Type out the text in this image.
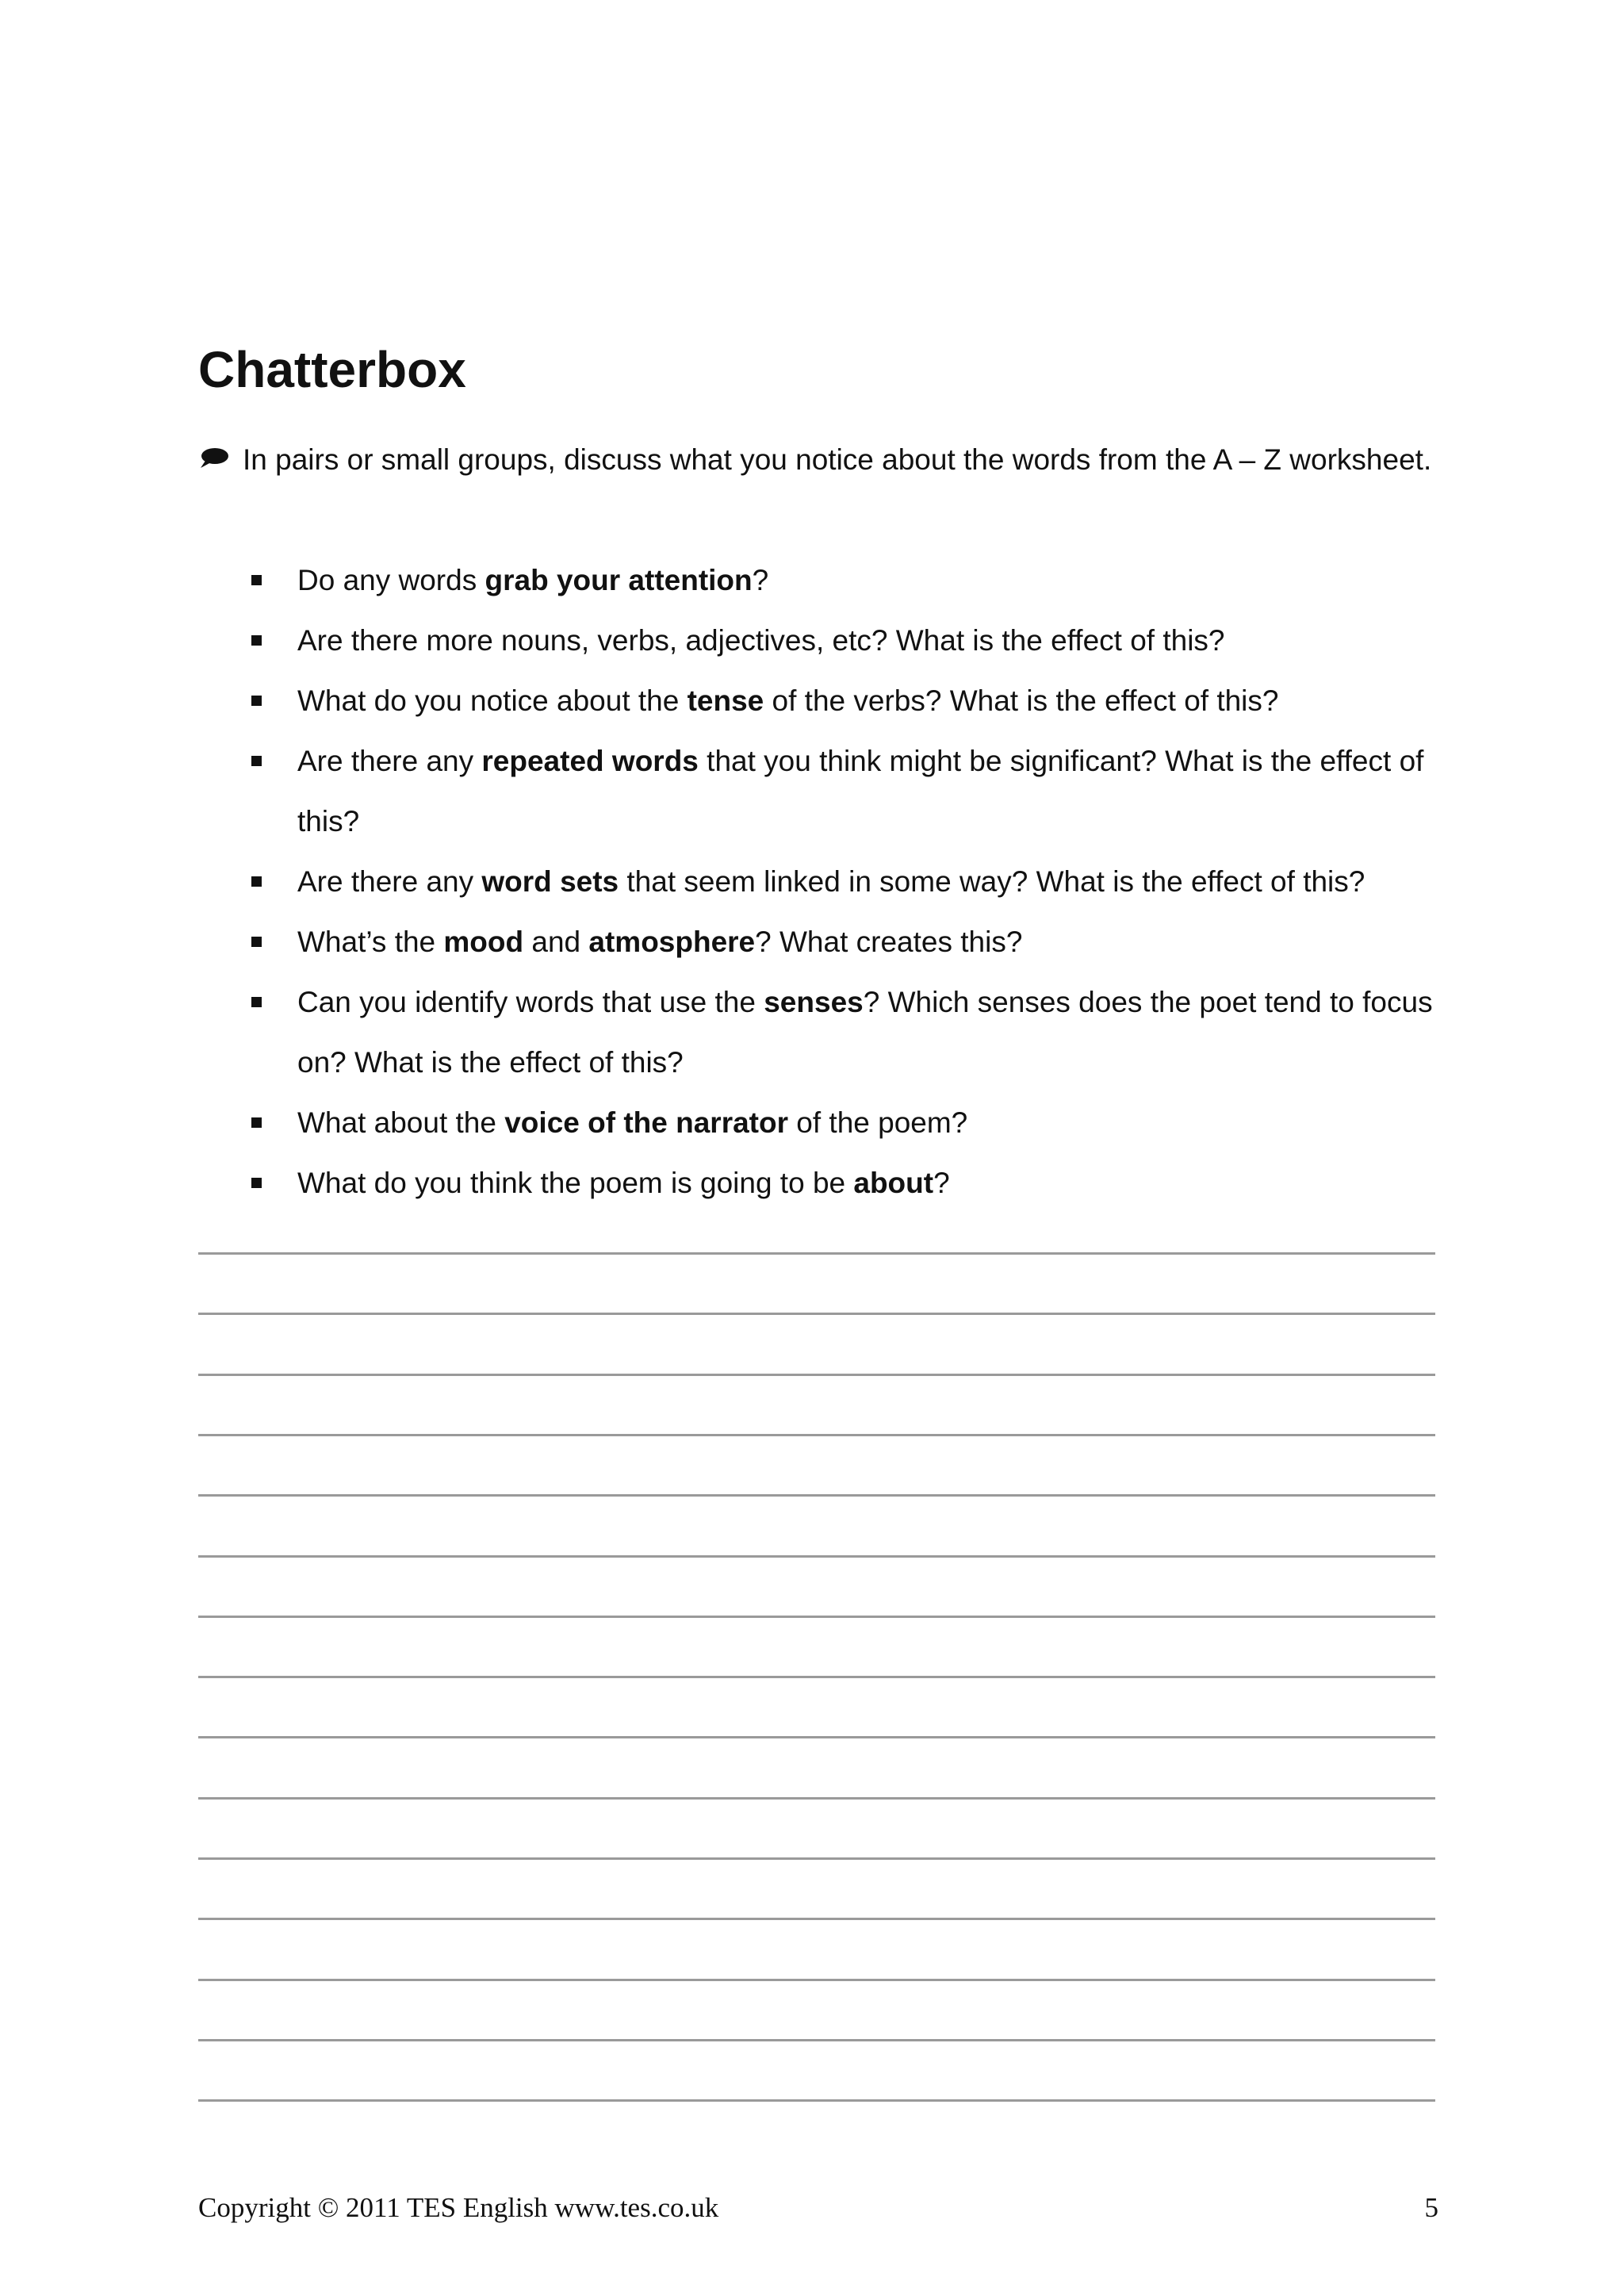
Chatterbox

In pairs or small groups, discuss what you notice about the words from the A – Z worksheet.

Do any words grab your attention?
Are there more nouns, verbs, adjectives, etc? What is the effect of this?
What do you notice about the tense of the verbs? What is the effect of this?
Are there any repeated words that you think might be significant? What is the effect of this?
Are there any word sets that seem linked in some way? What is the effect of this?
What’s the mood and atmosphere? What creates this?
Can you identify words that use the senses? Which senses does the poet tend to focus on? What is the effect of this?
What about the voice of the narrator of the poem?
What do you think the poem is going to be about?
Copyright © 2011 TES English www.tes.co.uk	5
